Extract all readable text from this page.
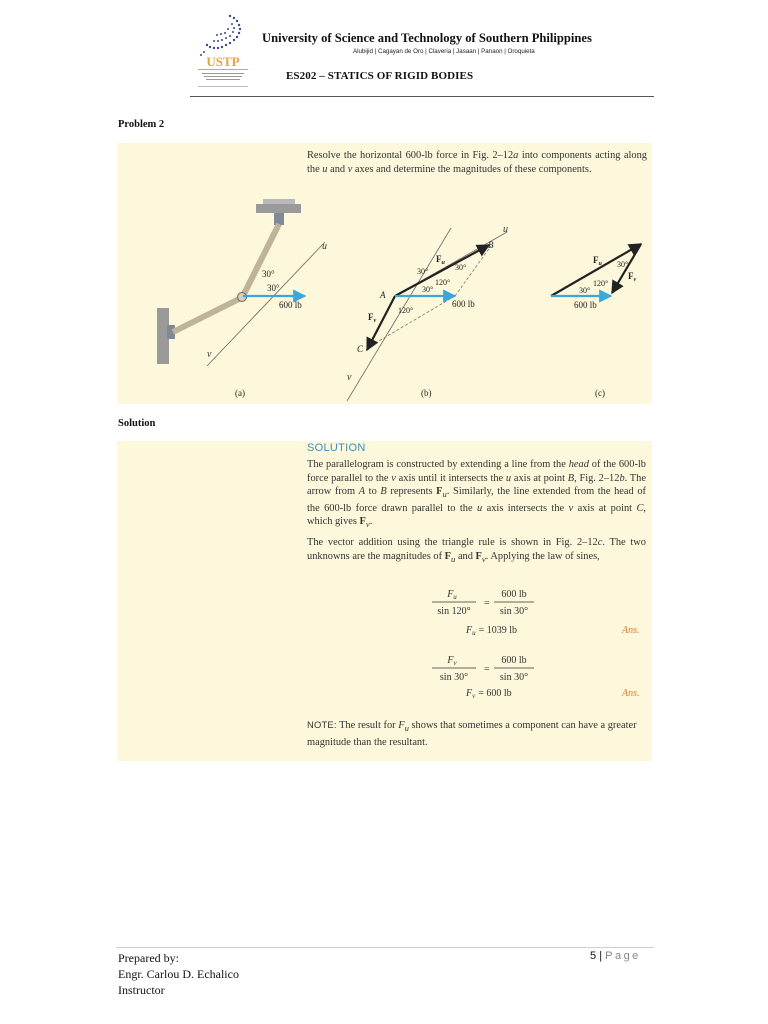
USTP
University of Science and Technology of Southern Philippines
Alubijid | Cagayan de Oro | Claveria | Jasaan | Panaon | Oroquieta
ES202 – STATICS OF RIGID BODIES
Problem 2
Resolve the horizontal 600-lb force in Fig. 2–12a into components acting along the u and v axes and determine the magnitudes of these components.
u
v
600 lb
30°
30°
(a)
u
v
A
B
C
$F_u$
$F_v$
30°	30°
120°
30°
120°
600 lb
(b)
$F_u$
$F_v$
30°
120°
30°
600 lb
(c)
Solution
SOLUTION
The parallelogram is constructed by extending a line from the head of the 600-lb force parallel to the v axis until it intersects the u axis at point B, Fig. 2–12b. The arrow from A to B represents $F_u$. Similarly, the line extended from the head of the 600-lb force drawn parallel to the u axis intersects the v axis at point C, which gives $F_v$.
The vector addition using the triangle rule is shown in Fig. 2–12c. The two unknowns are the magnitudes of $F_u$ and $F_v$. Applying the law of sines,
$F_u$
sin 120°
=
600 lb
sin 30°
$F_u = 1039$ lb	Ans.
$F_v$
sin 30°
=
600 lb
sin 30°
$F_v = 600$ lb	Ans.
NOTE: The result for $F_u$ shows that sometimes a component can have a greater magnitude than the resultant.
Prepared by:
Engr. Carlou D. Echalico
Instructor
5 | Page
